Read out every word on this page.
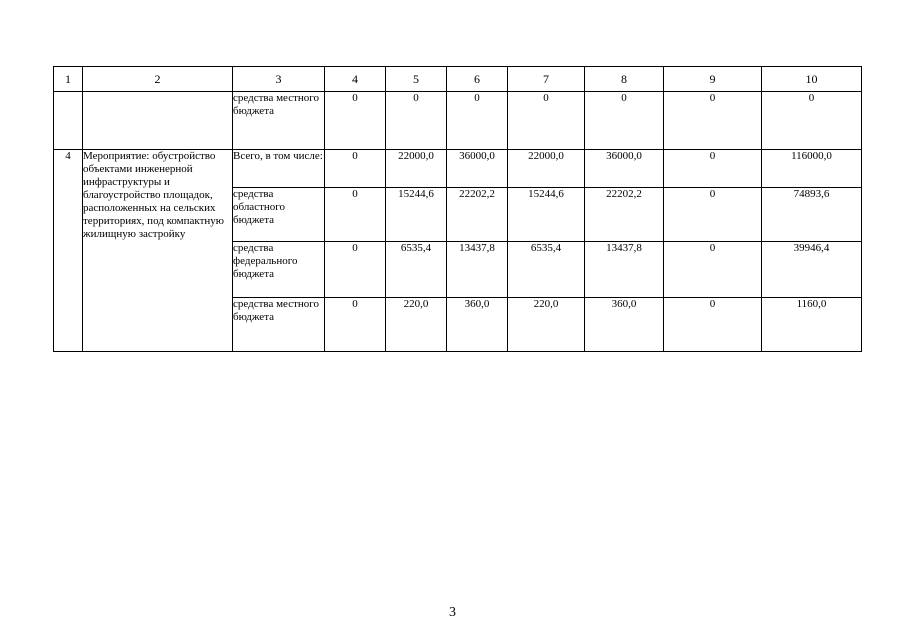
1	2	3	4	5	6	7	8	9	10
		средства местного бюджета	0	0	0	0	0	0	0
4	Мероприятие: обустройство объектами инженерной инфраструктуры и благоустройство площадок, расположенных на сельских территориях, под компактную жилищную застройку	Всего, в том числе:	0	22000,0	36000,0	22000,0	36000,0	0	116000,0
		средства областного бюджета	0	15244,6	22202,2	15244,6	22202,2	0	74893,6
		средства федерального бюджета	0	6535,4	13437,8	6535,4	13437,8	0	39946,4
		средства местного бюджета	0	220,0	360,0	220,0	360,0	0	1160,0
3
